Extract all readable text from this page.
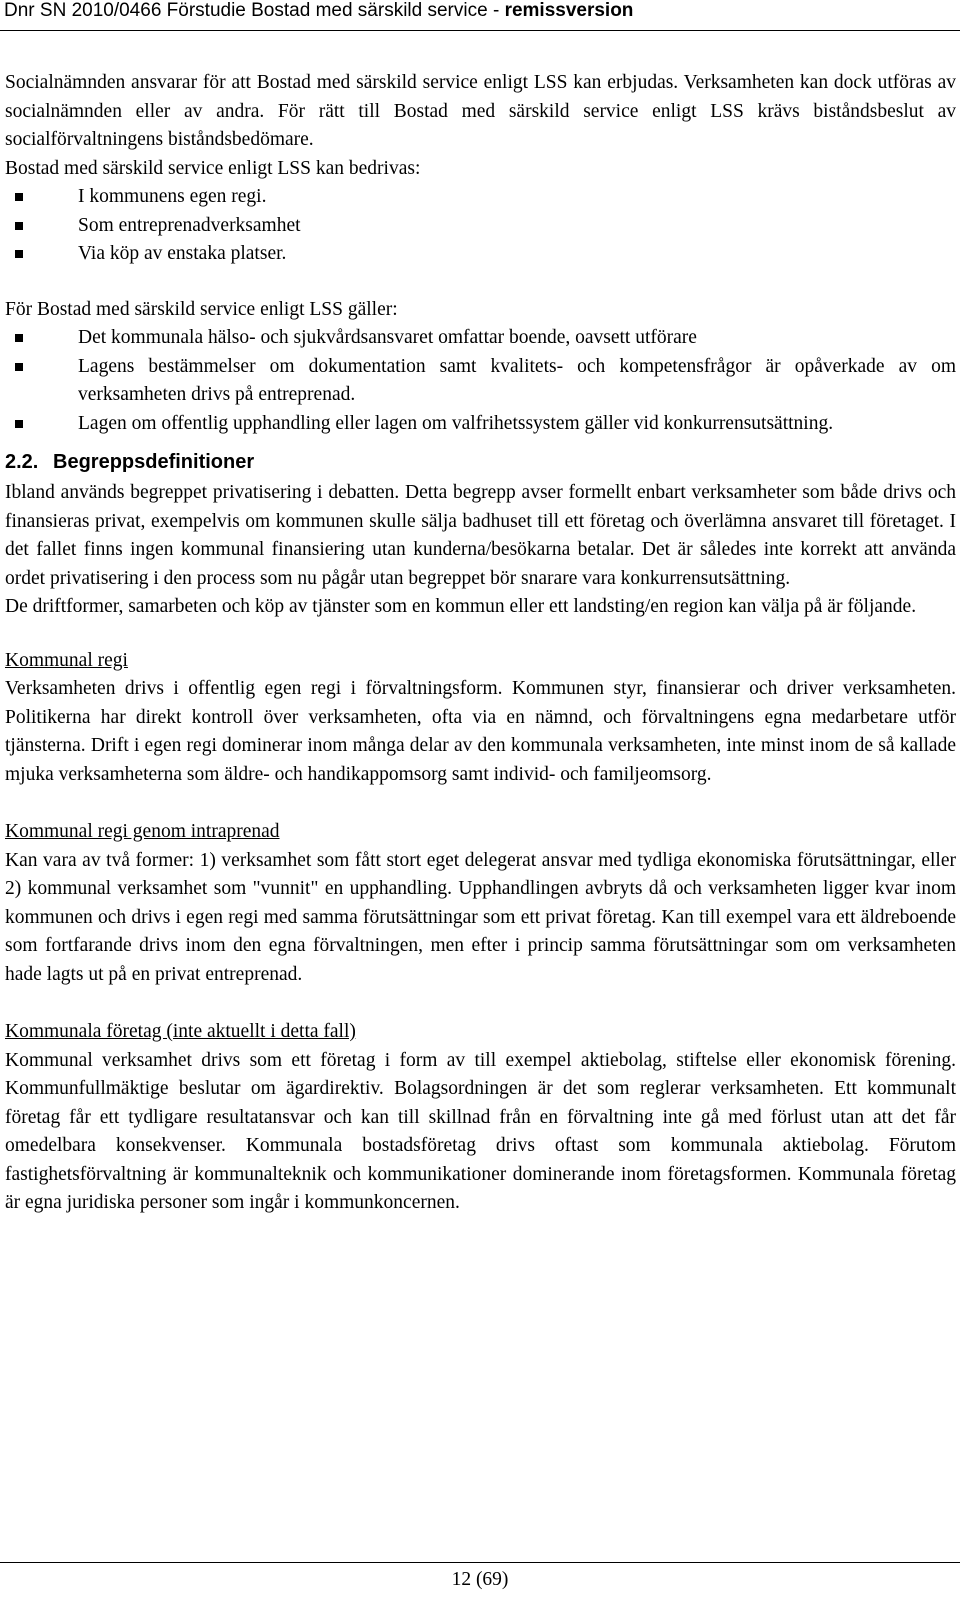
Dnr SN 2010/0466 Förstudie Bostad med särskild service - remissversion

Socialnämnden ansvarar för att Bostad med särskild service enligt LSS kan erbjudas. Verksamheten kan dock utföras av socialnämnden eller av andra. För rätt till Bostad med särskild service enligt LSS krävs biståndsbeslut av socialförvaltningens biståndsbedömare.

Bostad med särskild service enligt LSS kan bedrivas:

I kommunens egen regi.
Som entreprenadverksamhet
Via köp av enstaka platser.

För Bostad med särskild service enligt LSS gäller:

Det kommunala hälso- och sjukvårdsansvaret omfattar boende, oavsett utförare
Lagens bestämmelser om dokumentation samt kvalitets- och kompetensfrågor är opåverkade av om verksamheten drivs på entreprenad.
Lagen om offentlig upphandling eller lagen om valfrihetssystem gäller vid konkurrensutsättning.
2.2. Begreppsdefinitioner

Ibland används begreppet privatisering i debatten. Detta begrepp avser formellt enbart verksamheter som både drivs och finansieras privat, exempelvis om kommunen skulle sälja badhuset till ett företag och överlämna ansvaret till företaget. I det fallet finns ingen kommunal finansiering utan kunderna/besökarna betalar. Det är således inte korrekt att använda ordet privatisering i den process som nu pågår utan begreppet bör snarare vara konkurrensutsättning.

De driftformer, samarbeten och köp av tjänster som en kommun eller ett landsting/en region kan välja på är följande.

Kommunal regi

Verksamheten drivs i offentlig egen regi i förvaltningsform. Kommunen styr, finansierar och driver verksamheten. Politikerna har direkt kontroll över verksamheten, ofta via en nämnd, och förvaltningens egna medarbetare utför tjänsterna. Drift i egen regi dominerar inom många delar av den kommunala verksamheten, inte minst inom de så kallade mjuka verksamheterna som äldre- och handikappomsorg samt individ- och familjeomsorg.

Kommunal regi genom intraprenad

Kan vara av två former: 1) verksamhet som fått stort eget delegerat ansvar med tydliga ekonomiska förutsättningar, eller 2) kommunal verksamhet som "vunnit" en upphandling. Upphandlingen avbryts då och verksamheten ligger kvar inom kommunen och drivs i egen regi med samma förutsättningar som ett privat företag. Kan till exempel vara ett äldreboende som fortfarande drivs inom den egna förvaltningen, men efter i princip samma förutsättningar som om verksamheten hade lagts ut på en privat entreprenad.

Kommunala företag (inte aktuellt i detta fall)

Kommunal verksamhet drivs som ett företag i form av till exempel aktiebolag, stiftelse eller ekonomisk förening. Kommunfullmäktige beslutar om ägardirektiv. Bolagsordningen är det som reglerar verksamheten. Ett kommunalt företag får ett tydligare resultatansvar och kan till skillnad från en förvaltning inte gå med förlust utan att det får omedelbara konsekvenser. Kommunala bostadsföretag drivs oftast som kommunala aktiebolag. Förutom fastighetsförvaltning är kommunalteknik och kommunikationer dominerande inom företagsformen. Kommunala företag är egna juridiska personer som ingår i kommunkoncernen.

12 (69)
